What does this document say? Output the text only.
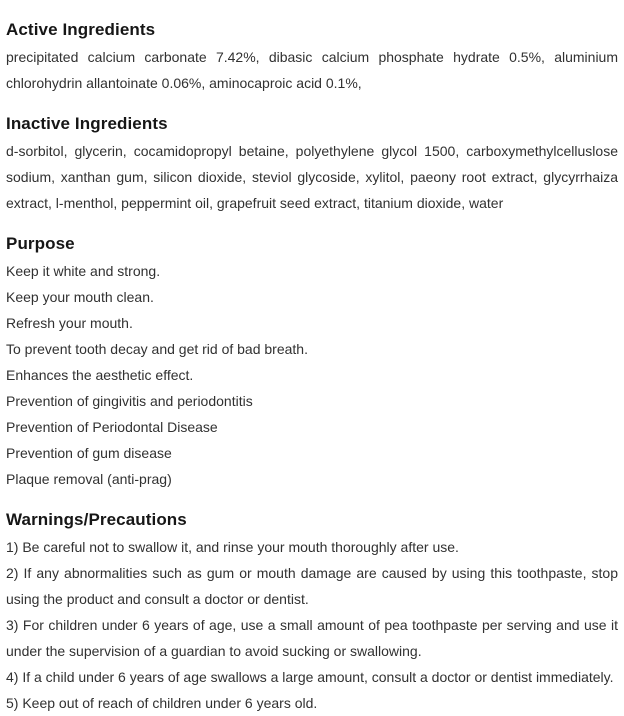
Active Ingredients
precipitated calcium carbonate 7.42%, dibasic calcium phosphate hydrate 0.5%, aluminium
chlorohydrin allantoinate 0.06%, aminocaproic acid 0.1%,
Inactive Ingredients
d-sorbitol, glycerin, cocamidopropyl betaine, polyethylene glycol 1500, carboxymethylcelluslose
sodium, xanthan gum, silicon dioxide, steviol glycoside, xylitol, paeony root extract, glycyrrhaiza
extract, l-menthol, peppermint oil, grapefruit seed extract, titanium dioxide, water
Purpose
Keep it white and strong.
Keep your mouth clean.
Refresh your mouth.
To prevent tooth decay and get rid of bad breath.
Enhances the aesthetic effect.
Prevention of gingivitis and periodontitis
Prevention of Periodontal Disease
Prevention of gum disease
Plaque removal (anti-prag)
Warnings/Precautions
1) Be careful not to swallow it, and rinse your mouth thoroughly after use.
2) If any abnormalities such as gum or mouth damage are caused by using this toothpaste, stop
using the product and consult a doctor or dentist.
3) For children under 6 years of age, use a small amount of pea toothpaste per serving and use it
under the supervision of a guardian to avoid sucking or swallowing.
4) If a child under 6 years of age swallows a large amount, consult a doctor or dentist immediately.
5) Keep out of reach of children under 6 years old.
